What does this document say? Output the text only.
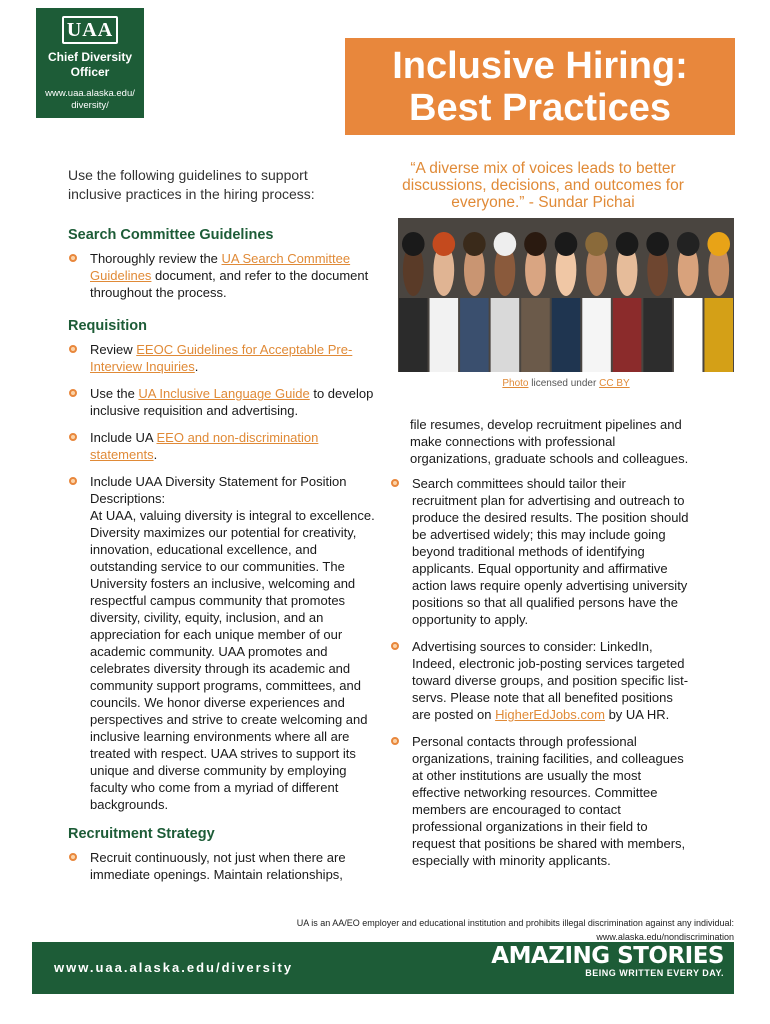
UAA
Chief Diversity
Officer
www.uaa.alaska.edu/
diversity/
Inclusive Hiring:
Best Practices
Use the following guidelines to support inclusive practices in the hiring process:
“A diverse mix of voices leads to better discussions, decisions, and outcomes for everyone.” - Sundar Pichai
Photo licensed under CC BY
Search Committee Guidelines
Thoroughly review the UA Search Committee Guidelines document, and refer to the document throughout the process.
Requisition
Review EEOC Guidelines for Acceptable Pre-Interview Inquiries.
Use the UA Inclusive Language Guide to develop inclusive requisition and advertising.
Include UA EEO and non-discrimination statements.
Include UAA Diversity Statement for Position Descriptions:
At UAA, valuing diversity is integral to excellence. Diversity maximizes our potential for creativity, innovation, educational excellence, and outstanding service to our communities. The University fosters an inclusive, welcoming and respectful campus community that promotes diversity, civility, equity, inclusion, and an appreciation for each unique member of our academic community. UAA promotes and celebrates diversity through its academic and community support programs, committees, and councils. We honor diverse experiences and perspectives and strive to create welcoming and inclusive learning environments where all are treated with respect. UAA strives to support its unique and diverse community by employing faculty who come from a myriad of different backgrounds.
Recruitment Strategy
Recruit continuously, not just when there are immediate openings. Maintain relationships,
file resumes, develop recruitment pipelines and make connections with professional organizations, graduate schools and colleagues.
Search committees should tailor their recruitment plan for advertising and outreach to produce the desired results. The position should be advertised widely; this may include going beyond traditional methods of identifying applicants. Equal opportunity and affirmative action laws require openly advertising university positions so that all qualified persons have the opportunity to apply.
Advertising sources to consider: LinkedIn, Indeed, electronic job-posting services targeted toward diverse groups, and position specific list-servs. Please note that all benefited positions are posted on HigherEdJobs.com by UA HR.
Personal contacts through professional organizations, training facilities, and colleagues at other institutions are usually the most effective networking resources. Committee members are encouraged to contact professional organizations in their field to request that positions be shared with members, especially with minority applicants.
UA is an AA/EO employer and educational institution and prohibits illegal discrimination against any individual:
www.alaska.edu/nondiscrimination
www.uaa.alaska.edu/diversity	AMAZING STORIES
BEING WRITTEN EVERY DAY.
